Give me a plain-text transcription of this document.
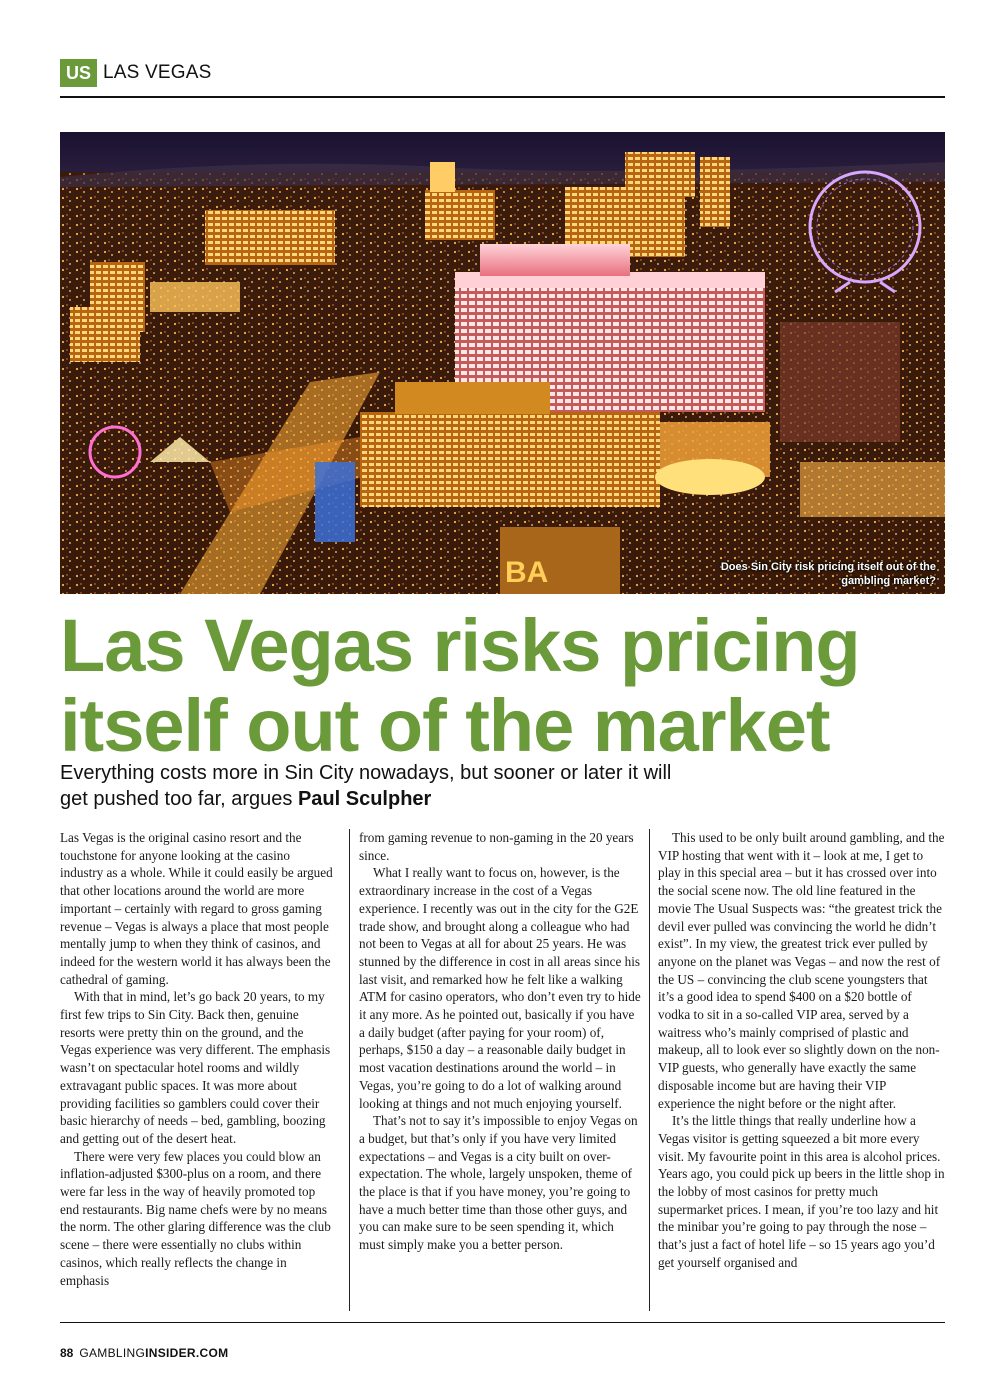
US LAS VEGAS
BA	Does Sin City risk pricing itself out of the gambling market?
Las Vegas risks pricing itself out of the market

Everything costs more in Sin City nowadays, but sooner or later it will get pushed too far, argues Paul Sculpher

Las Vegas is the original casino resort and the touchstone for anyone looking at the casino industry as a whole. While it could easily be argued that other locations around the world are more important – certainly with regard to gross gaming revenue – Vegas is always a place that most people mentally jump to when they think of casinos, and indeed for the western world it has always been the cathedral of gaming.

With that in mind, let’s go back 20 years, to my first few trips to Sin City. Back then, genuine resorts were pretty thin on the ground, and the Vegas experience was very different. The emphasis wasn’t on spectacular hotel rooms and wildly extravagant public spaces. It was more about providing facilities so gamblers could cover their basic hierarchy of needs – bed, gambling, boozing and getting out of the desert heat.

There were very few places you could blow an inflation-adjusted $300-plus on a room, and there were far less in the way of heavily promoted top end restaurants. Big name chefs were by no means the norm. The other glaring difference was the club scene – there were essentially no clubs within casinos, which really reflects the change in emphasis

from gaming revenue to non-gaming in the 20 years since.

What I really want to focus on, however, is the extraordinary increase in the cost of a Vegas experience. I recently was out in the city for the G2E trade show, and brought along a colleague who had not been to Vegas at all for about 25 years. He was stunned by the difference in cost in all areas since his last visit, and remarked how he felt like a walking ATM for casino operators, who don’t even try to hide it any more. As he pointed out, basically if you have a daily budget (after paying for your room) of, perhaps, $150 a day – a reasonable daily budget in most vacation destinations around the world – in Vegas, you’re going to do a lot of walking around looking at things and not much enjoying yourself.

That’s not to say it’s impossible to enjoy Vegas on a budget, but that’s only if you have very limited expectations – and Vegas is a city built on over-expectation. The whole, largely unspoken, theme of the place is that if you have money, you’re going to have a much better time than those other guys, and you can make sure to be seen spending it, which must simply make you a better person.

This used to be only built around gambling, and the VIP hosting that went with it – look at me, I get to play in this special area – but it has crossed over into the social scene now. The old line featured in the movie The Usual Suspects was: “the greatest trick the devil ever pulled was convincing the world he didn’t exist”. In my view, the greatest trick ever pulled by anyone on the planet was Vegas – and now the rest of the US – convincing the club scene youngsters that it’s a good idea to spend $400 on a $20 bottle of vodka to sit in a so-called VIP area, served by a waitress who’s mainly comprised of plastic and makeup, all to look ever so slightly down on the non-VIP guests, who generally have exactly the same disposable income but are having their VIP experience the night before or the night after.

It’s the little things that really underline how a Vegas visitor is getting squeezed a bit more every visit. My favourite point in this area is alcohol prices. Years ago, you could pick up beers in the little shop in the lobby of most casinos for pretty much supermarket prices. I mean, if you’re too lazy and hit the minibar you’re going to pay through the nose – that’s just a fact of hotel life – so 15 years ago you’d get yourself organised and

88 GAMBLING INSIDER.COM
